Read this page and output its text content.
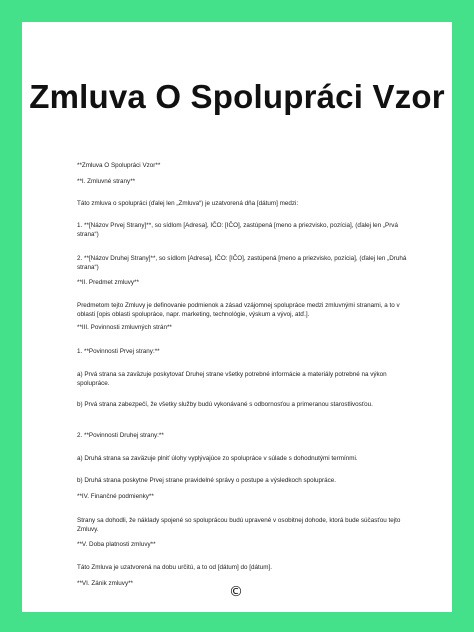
Zmluva O Spolupráci Vzor

**Zmluva O Spolupráci Vzor**

**I. Zmluvné strany**

Táto zmluva o spolupráci (ďalej len „Zmluva“) je uzatvorená dňa [dátum] medzi:

1. **[Názov Prvej Strany]**, so sídlom [Adresa], IČO: [IČO], zastúpená [meno a priezvisko, pozícia], (ďalej len „Prvá strana“)

2. **[Názov Druhej Strany]**, so sídlom [Adresa], IČO: [IČO], zastúpená [meno a priezvisko, pozícia], (ďalej len „Druhá strana“)

**II. Predmet zmluvy**

Predmetom tejto Zmluvy je definovanie podmienok a zásad vzájomnej spolupráce medzi zmluvnými stranami, a to v oblasti [opis oblasti spolupráce, napr. marketing, technológie, výskum a vývoj, atď.].

**III. Povinnosti zmluvných strán**

1. **Povinnosti Prvej strany:**

a) Prvá strana sa zaväzuje poskytovať Druhej strane všetky potrebné informácie a materiály potrebné na výkon spolupráce.

b) Prvá strana zabezpečí, že všetky služby budú vykonávané s odbornosťou a primeranou starostlivosťou.

2. **Povinnosti Druhej strany:**

a) Druhá strana sa zaväzuje plniť úlohy vyplývajúce zo spolupráce v súlade s dohodnutými termínmi.

b) Druhá strana poskytne Prvej strane pravidelné správy o postupe a výsledkoch spolupráce.

**IV. Finančné podmienky**

Strany sa dohodli, že náklady spojené so spoluprácou budú upravené v osobitnej dohode, ktorá bude súčasťou tejto Zmluvy.

**V. Doba platnosti zmluvy**

Táto Zmluva je uzatvorená na dobu určitú, a to od [dátum] do [dátum].

**VI. Zánik zmluvy**

©
